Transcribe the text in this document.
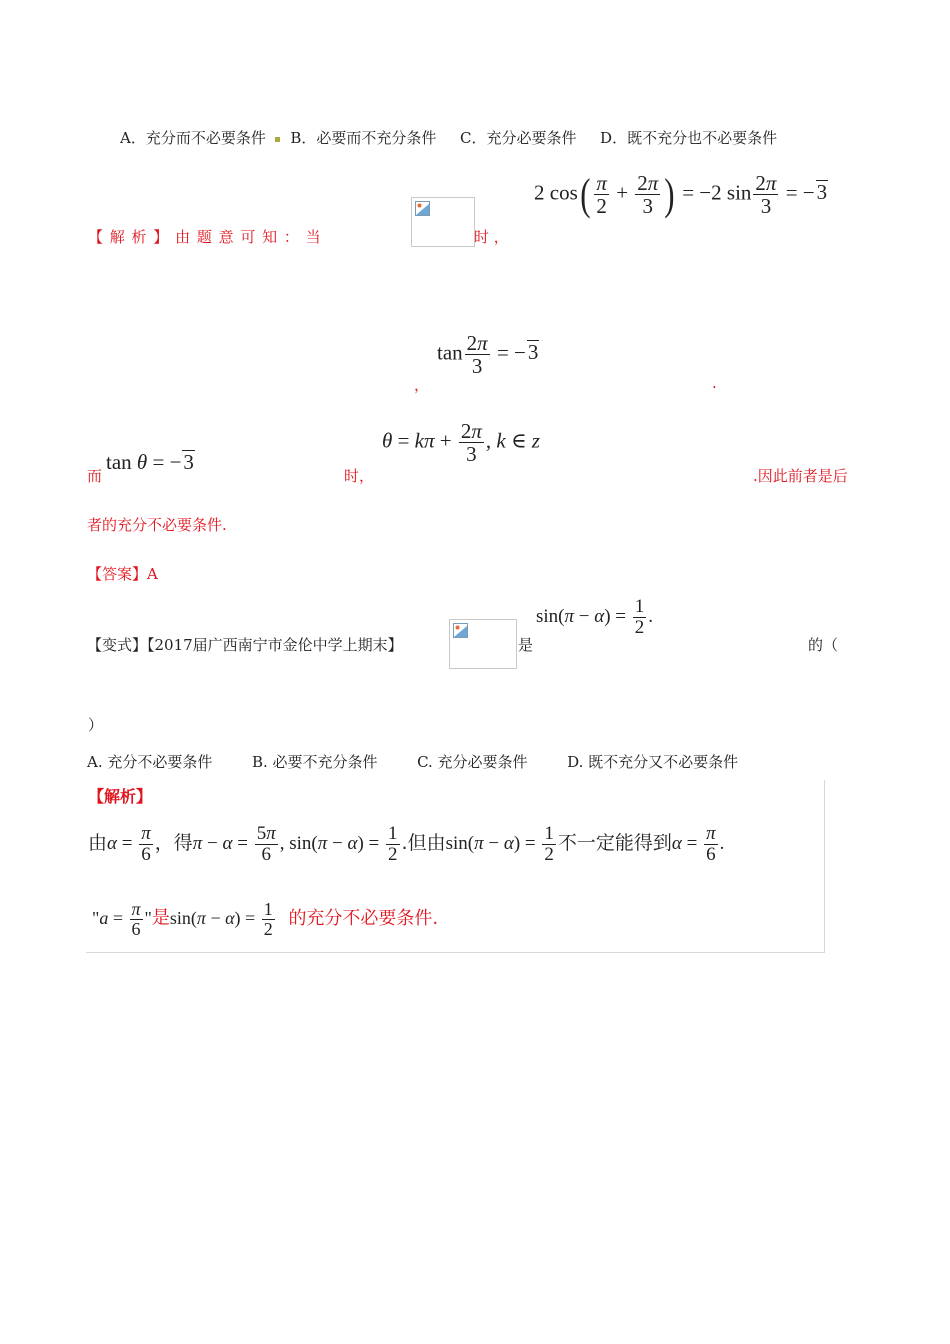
A．充分而不必要条件 B．必要而不充分条件 C．充分必要条件 D．既不充分也不必要条件
【 解 析 】 由 题 意 可 知 ： 当	时 ，
2 $\cos( \frac{\pi}{2} + \frac{2\pi}{3}$ ) = −2 $\sin \frac{2\pi}{3} = -3$
$\tan \frac{2\pi}{3} = -3$
，	.
而
tan θ = −3
时，
$\theta = k\pi + \frac{2\pi}{3}$ , k ∈ z
.因此前者是后
者的充分不必要条件.
【答案】A
【变式】【2017届广西南宁市金伦中学上期末】	是
$\sin(\pi - \alpha) = \frac{1}{2}$ .
的（
）
A. 充分不必要条件	B. 必要不充分条件	C. 充分必要条件	D. 既不充分又不必要条件
【解析】
由$\alpha = \frac{\pi}{6}$ ，得$\pi - \alpha = \frac{5\pi}{6}$ , $\sin(\pi - \alpha) = \frac{1}{2}$ .但由$\sin(\pi - \alpha) = \frac{1}{2}$ 不一定能得到$\alpha = \frac{\pi}{6}$ .
"$a = \frac{\pi}{6}$ "是$\sin(\pi - \alpha) = \frac{1}{2}$ 的充分不必要条件.
